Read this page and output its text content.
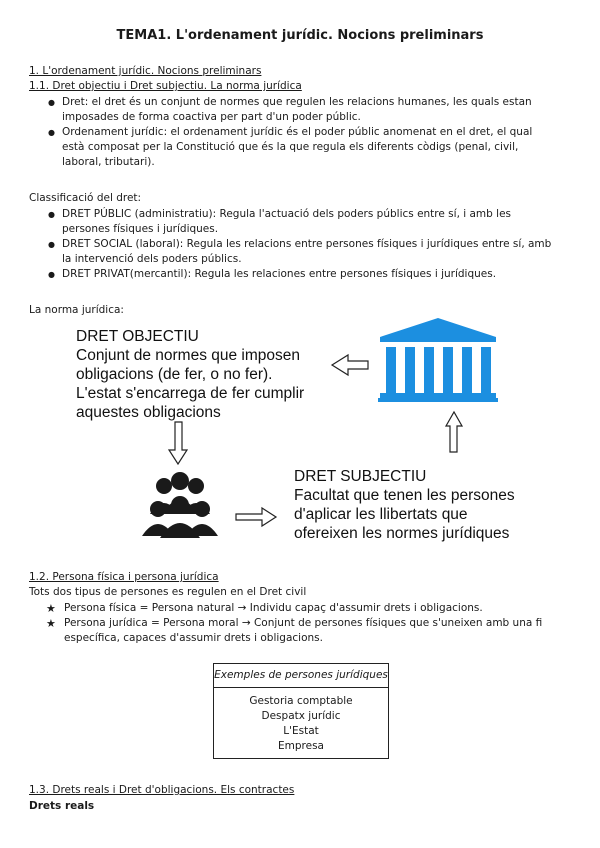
TEMA1. L'ordenament jurídic. Nocions preliminars
1. L'ordenament jurídic. Nocions preliminars
1.1. Dret objectiu i Dret subjectiu. La norma jurídica
● Dret: el dret és un conjunt de normes que regulen les relacions humanes, les quals estan imposades de forma coactiva per part d'un poder públic.
● Ordenament jurídic: el ordenament jurídic és el poder públic anomenat en el dret, el qual està composat per la Constitució que és la que regula els diferents còdigs (penal, civil, laboral, tributari).
Classificació del dret:
● DRET PÚBLIC (administratiu): Regula l'actuació dels poders públics entre sí, i amb les persones físiques i jurídiques.
● DRET SOCIAL (laboral): Regula les relacions entre persones físiques i jurídiques entre sí, amb la intervenció dels poders públics.
● DRET PRIVAT(mercantil): Regula les relaciones entre persones físiques i jurídiques.
La norma jurídica:
DRET OBJECTIU
Conjunt de normes que imposen
obligacions (de fer, o no fer).
L'estat s'encarrega de fer cumplir
aquestes obligacions
DRET SUBJECTIU
Facultat que tenen les persones
d'aplicar les llibertats que
ofereixen les normes jurídiques
1.2. Persona física i persona jurídica
Tots dos tipus de persones es regulen en el Dret civil
★ Persona física = Persona natural → Individu capaç d'assumir drets i obligacions.
★ Persona jurídica = Persona moral → Conjunt de persones físiques que s'uneixen amb una fi específica, capaces d'assumir drets i obligacions.
Exemples de persones jurídiques
Gestoria comptable
Despatx jurídic
L'Estat
Empresa
1.3. Drets reals i Dret d'obligacions. Els contractes
Drets reals
